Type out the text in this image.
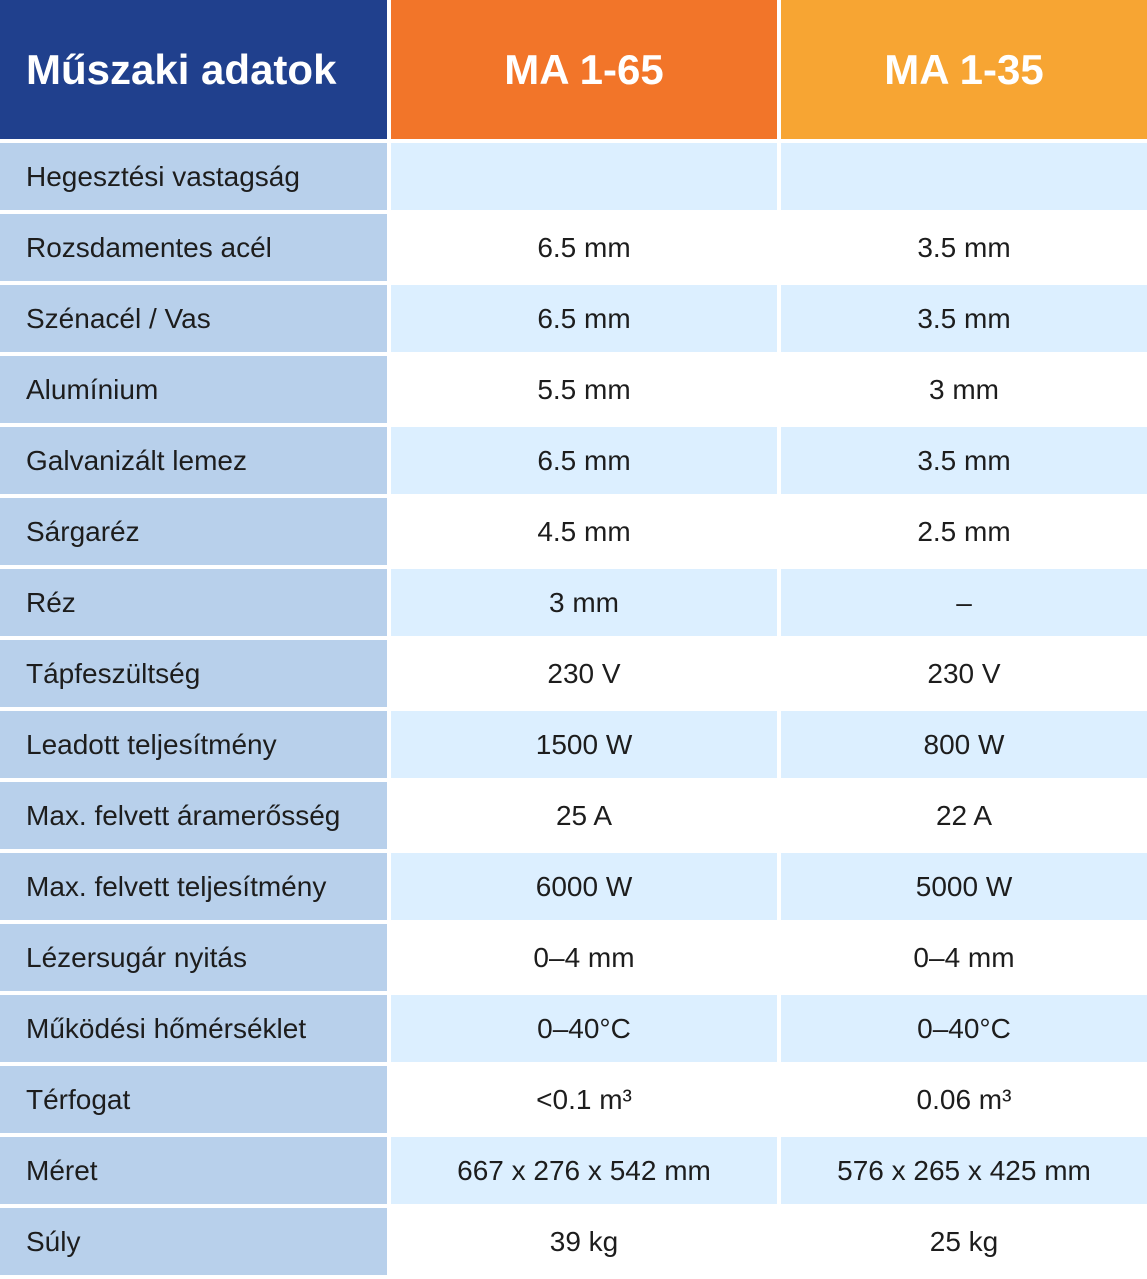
Műszaki adatok	MA 1-65	MA 1-35
Hegesztési vastagság
Rozsdamentes acél	6.5 mm	3.5 mm
Szénacél / Vas	6.5 mm	3.5 mm
Alumínium	5.5 mm	3 mm
Galvanizált lemez	6.5 mm	3.5 mm
Sárgaréz	4.5 mm	2.5 mm
Réz	3 mm	–
Tápfeszültség	230 V	230 V
Leadott teljesítmény	1500 W	800 W
Max. felvett áramerősség	25 A	22 A
Max. felvett teljesítmény	6000 W	5000 W
Lézersugár nyitás	0–4 mm	0–4 mm
Működési hőmérséklet	0–40°C	0–40°C
Térfogat	<0.1 m³	0.06 m³
Méret	667 x 276 x 542 mm	576 x 265 x 425 mm
Súly	39 kg	25 kg
